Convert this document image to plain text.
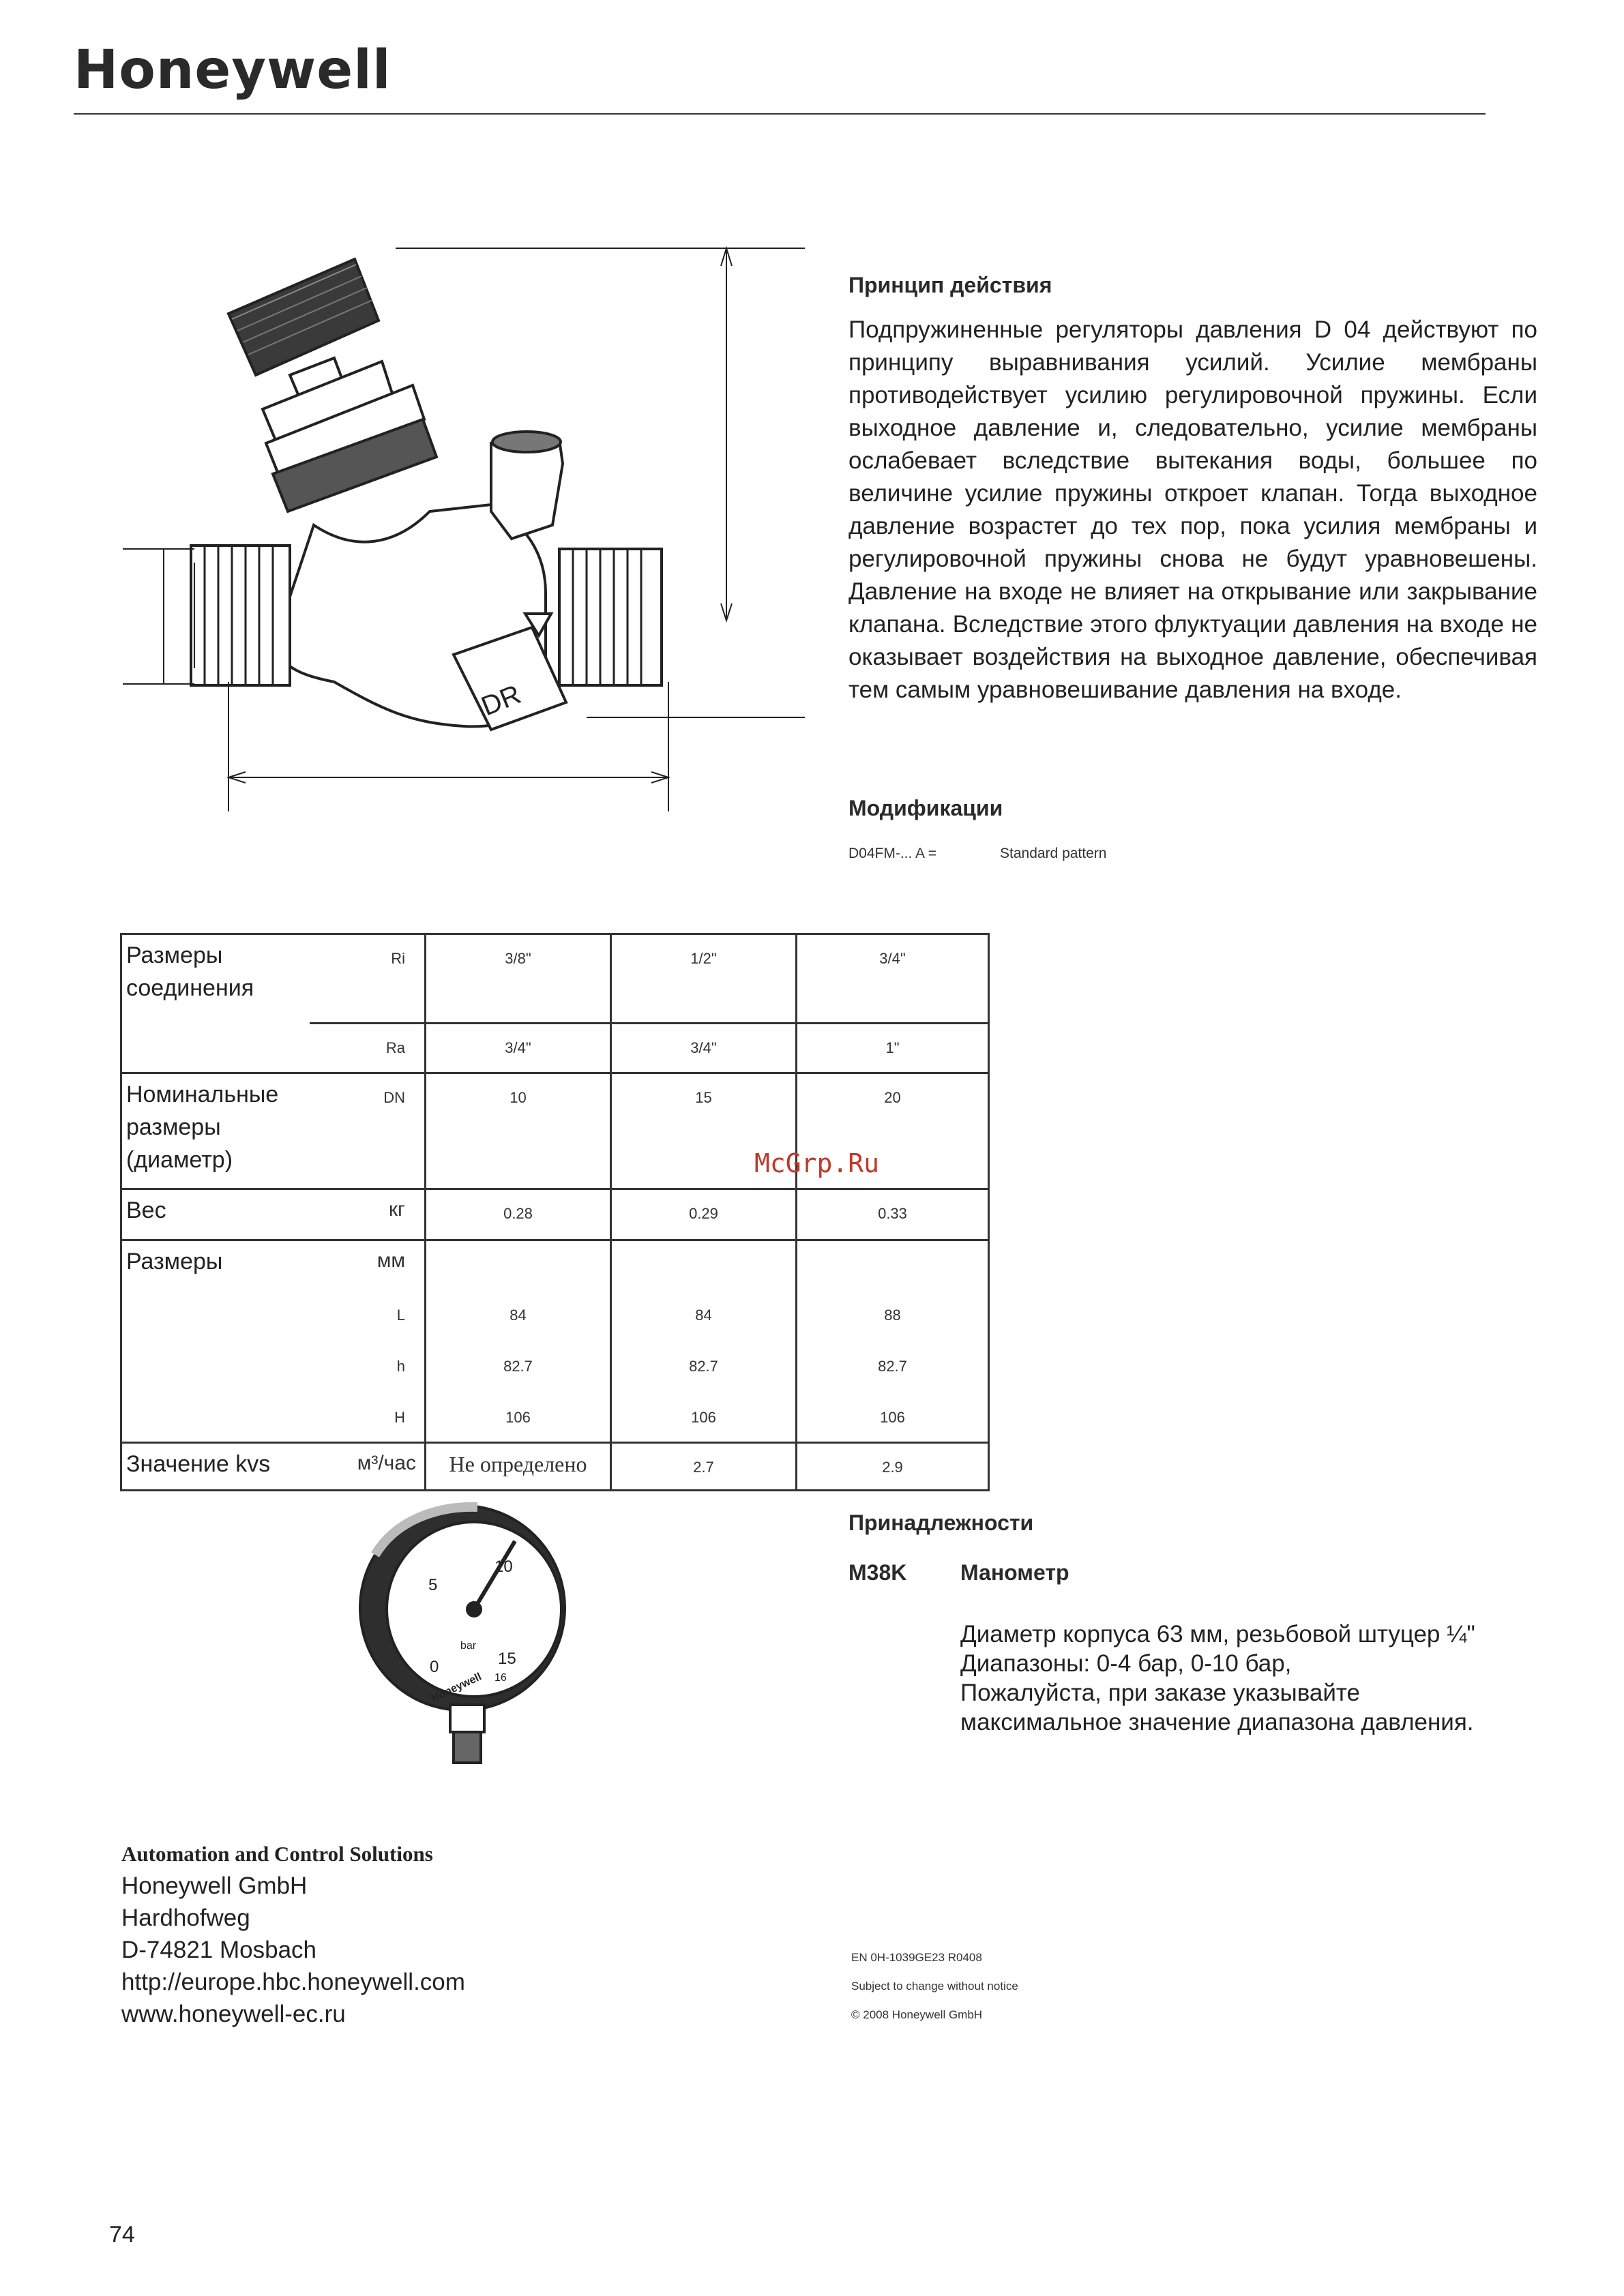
Honeywell
DR
Принцип действия
Подпружиненные регуляторы давления D 04 действуют по принципу выравнивания усилий. Усилие мембраны противодействует усилию регулировочной пружины. Если выходное давление и, следовательно, усилие мембраны ослабевает вследствие вытекания воды, большее по величине усилие пружины откроет клапан. Тогда выходное давление возрастет до тех пор, пока усилия мембраны и регулировочной пружины снова не будут уравновешены. Давление на входе не влияет на открывание или закрывание клапана. Вследствие этого флуктуации давления на входе не оказывает воздействия на выходное давление, обеспечивая тем самым уравновешивание давления на входе.
Модификации
D04FM-... A =	Standard pattern
Размеры соединения	Ri	3/8"	1/2"	3/4"
	Ra	3/4"	3/4"	1"
Номинальные размеры (диаметр)	DN	10	15	20
Вес	кг	0.28	0.29	0.33
Размеры	мм			
	L	84	84	88
	h	82.7	82.7	82.7
	H	106	106	106
Значение kvs	м³/час	Не определено	2.7	2.9
McGrp.Ru
0
5
10
15
16
bar
Honeywell
Принадлежности
M38K Манометр
Диаметр корпуса 63 мм, резьбовой штуцер ¼"
Диапазоны: 0-4 бар, 0-10 бар,
Пожалуйста, при заказе указывайте
максимальное значение диапазона давления.
Automation and Control Solutions
Honeywell GmbH
Hardhofweg
D-74821 Mosbach
http://europe.hbc.honeywell.com
www.honeywell-ec.ru
EN 0H-1039GE23 R0408
Subject to change without notice
© 2008 Honeywell GmbH
74
